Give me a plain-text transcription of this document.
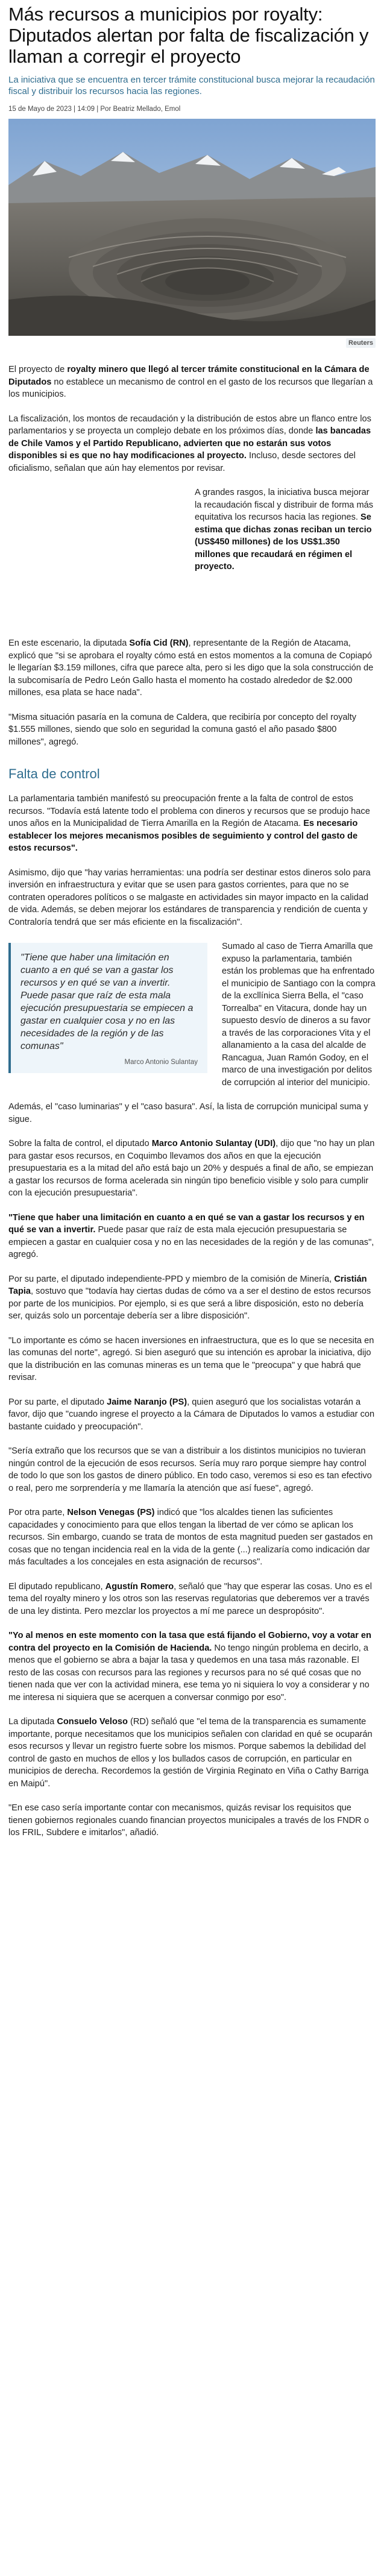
Más recursos a municipios por royalty: Diputados alertan por falta de fiscalización y llaman a corregir el proyecto
La iniciativa que se encuentra en tercer trámite constitucional busca mejorar la recaudación fiscal y distribuir los recursos hacia las regiones.
15 de Mayo de 2023 | 14:09 | Por Beatriz Mellado, Emol
Reuters

El proyecto de royalty minero que llegó al tercer trámite constitucional en la Cámara de Diputados no establece un mecanismo de control en el gasto de los recursos que llegarían a los municipios.

La fiscalización, los montos de recaudación y la distribución de estos abre un flanco entre los parlamentarios y se proyecta un complejo debate en los próximos días, donde las bancadas de Chile Vamos y el Partido Republicano, advierten que no estarán sus votos disponibles si es que no hay modificaciones al proyecto. Incluso, desde sectores del oficialismo, señalan que aún hay elementos por revisar.

A grandes rasgos, la iniciativa busca mejorar la recaudación fiscal y distribuir de forma más equitativa los recursos hacia las regiones. Se estima que dichas zonas reciban un tercio (US$450 millones) de los US$1.350 millones que recaudará en régimen el proyecto.

En este escenario, la diputada Sofía Cid (RN), representante de la Región de Atacama, explicó que "si se aprobara el royalty cómo está en estos momentos a la comuna de Copiapó le llegarían $3.159 millones, cifra que parece alta, pero si les digo que la sola construcción de la subcomisaría de Pedro León Gallo hasta el momento ha costado alrededor de $2.000 millones, esa plata se hace nada".

"Misma situación pasaría en la comuna de Caldera, que recibiría por concepto del royalty $1.555 millones, siendo que solo en seguridad la comuna gastó el año pasado $800 millones", agregó.

Falta de control

La parlamentaria también manifestó su preocupación frente a la falta de control de estos recursos. "Todavía está latente todo el problema con dineros y recursos que se produjo hace unos años en la Municipalidad de Tierra Amarilla en la Región de Atacama. Es necesario establecer los mejores mecanismos posibles de seguimiento y control del gasto de estos recursos".

Asimismo, dijo que "hay varias herramientas: una podría ser destinar estos dineros solo para inversión en infraestructura y evitar que se usen para gastos corrientes, para que no se contraten operadores políticos o se malgaste en actividades sin mayor impacto en la calidad de vida. Además, se deben mejorar los estándares de transparencia y rendición de cuenta y Contraloría tendrá que ser más eficiente en la fiscalización".

"Tiene que haber una limitación en cuanto a en qué se van a gastar los recursos y en qué se van a invertir. Puede pasar que raíz de esta mala ejecución presupuestaria se empiecen a gastar en cualquier cosa y no en las necesidades de la región y de las comunas"
Marco Antonio Sulantay

Sumado al caso de Tierra Amarilla que expuso la parlamentaria, también están los problemas que ha enfrentado el municipio de Santiago con la compra de la excllínica Sierra Bella, el "caso Torrealba" en Vitacura, donde hay un supuesto desvío de dineros a su favor a través de las corporaciones Vita y el allanamiento a la casa del alcalde de Rancagua, Juan Ramón Godoy, en el marco de una investigación por delitos de corrupción al interior del municipio.

Además, el "caso luminarias" y el "caso basura". Así, la lista de corrupción municipal suma y sigue.

Sobre la falta de control, el diputado Marco Antonio Sulantay (UDI), dijo que "no hay un plan para gastar esos recursos, en Coquimbo llevamos dos años en que la ejecución presupuestaria es a la mitad del año está bajo un 20% y después a final de año, se empiezan a gastar los recursos de forma acelerada sin ningún tipo beneficio visible y solo para cumplir con la ejecución presupuestaria".

"Tiene que haber una limitación en cuanto a en qué se van a gastar los recursos y en qué se van a invertir. Puede pasar que raíz de esta mala ejecución presupuestaria se empiecen a gastar en cualquier cosa y no en las necesidades de la región y de las comunas", agregó.

Por su parte, el diputado independiente-PPD y miembro de la comisión de Minería, Cristián Tapia, sostuvo que "todavía hay ciertas dudas de cómo va a ser el destino de estos recursos por parte de los municipios. Por ejemplo, si es que será a libre disposición, esto no debería ser, quizás solo un porcentaje debería ser a libre disposición".

"Lo importante es cómo se hacen inversiones en infraestructura, que es lo que se necesita en las comunas del norte", agregó. Si bien aseguró que su intención es aprobar la iniciativa, dijo que la distribución en las comunas mineras es un tema que le "preocupa" y que habrá que revisar.

Por su parte, el diputado Jaime Naranjo (PS), quien aseguró que los socialistas votarán a favor, dijo que "cuando ingrese el proyecto a la Cámara de Diputados lo vamos a estudiar con bastante cuidado y preocupación".

"Sería extraño que los recursos que se van a distribuir a los distintos municipios no tuvieran ningún control de la ejecución de esos recursos. Sería muy raro porque siempre hay control de todo lo que son los gastos de dinero público. En todo caso, veremos si eso es tan efectivo o real, pero me sorprendería y me llamaría la atención que así fuese", agregó.

Por otra parte, Nelson Venegas (PS) indicó que "los alcaldes tienen las suficientes capacidades y conocimiento para que ellos tengan la libertad de ver cómo se aplican los recursos. Sin embargo, cuando se trata de montos de esta magnitud pueden ser gastados en cosas que no tengan incidencia real en la vida de la gente (...) realizaría como indicación dar más facultades a los concejales en esta asignación de recursos".

El diputado republicano, Agustín Romero, señaló que "hay que esperar las cosas. Uno es el tema del royalty minero y los otros son las reservas regulatorias que deberemos ver a través de una ley distinta. Pero mezclar los proyectos a mí me parece un despropósito".

"Yo al menos en este momento con la tasa que está fijando el Gobierno, voy a votar en contra del proyecto en la Comisión de Hacienda. No tengo ningún problema en decirlo, a menos que el gobierno se abra a bajar la tasa y quedemos en una tasa más razonable. El resto de las cosas con recursos para las regiones y recursos para no sé qué cosas que no tienen nada que ver con la actividad minera, ese tema yo ni siquiera lo voy a considerar y no me interesa ni siquiera que se acerquen a conversar conmigo por eso".

La diputada Consuelo Veloso (RD) señaló que "el tema de la transparencia es sumamente importante, porque necesitamos que los municipios señalen con claridad en qué se ocuparán esos recursos y llevar un registro fuerte sobre los mismos. Porque sabemos la debilidad del control de gasto en muchos de ellos y los bullados casos de corrupción, en particular en municipios de derecha. Recordemos la gestión de Virginia Reginato en Viña o Cathy Barriga en Maipú".

"En ese caso sería importante contar con mecanismos, quizás revisar los requisitos que tienen gobiernos regionales cuando financian proyectos municipales a través de los FNDR o los FRIL, Subdere e imitarlos", añadió.
